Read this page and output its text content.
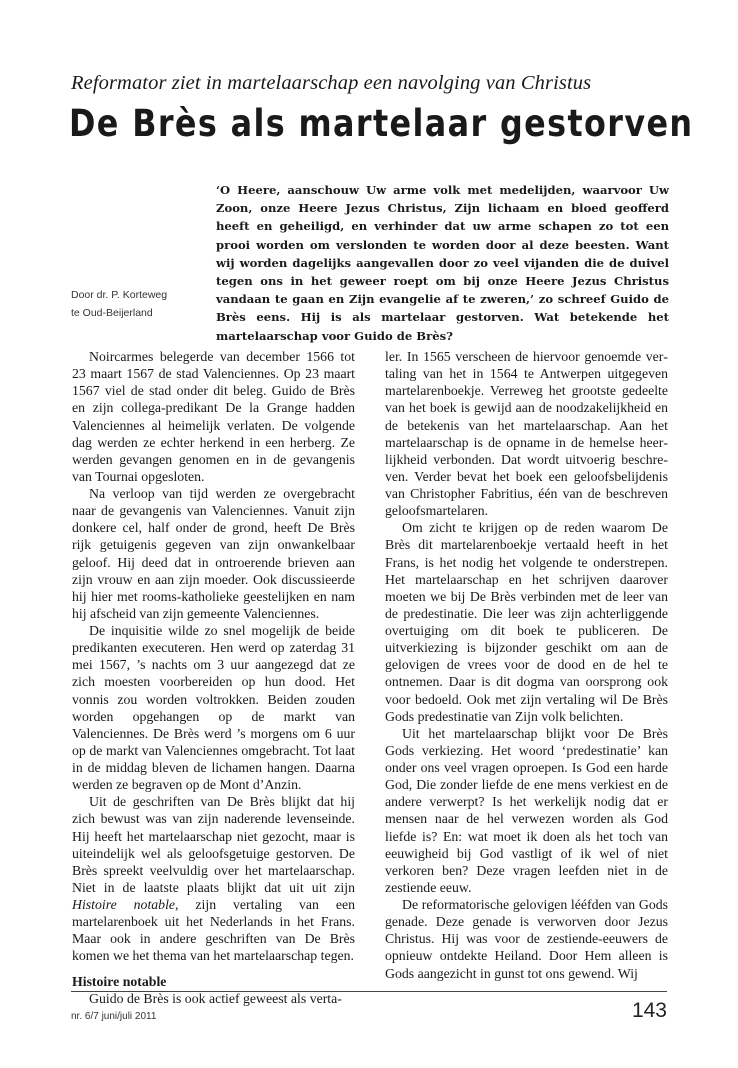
Reformator ziet in martelaarschap een navolging van Christus
De Brès als martelaar gestorven
‘O Heere, aanschouw Uw arme volk met medelijden, waarvoor Uw Zoon, onze Heere Jezus Christus, Zijn lichaam en bloed geofferd heeft en geheiligd, en verhinder dat uw arme schapen zo tot een prooi worden om verslonden te worden door al deze beesten. Want wij worden dagelijks aangevallen door zo veel vijanden die de duivel tegen ons in het geweer roept om bij onze Heere Jezus Christus vandaan te gaan en Zijn evangelie af te zweren,’ zo schreef Guido de Brès eens. Hij is als martelaar gestorven. Wat betekende het martelaarschap voor Guido de Brès?
Door dr. P. Korteweg
te Oud-Beijerland

Noircarmes belegerde van december 1566 tot 23 maart 1567 de stad Valenciennes. Op 23 maart 1567 viel de stad onder dit beleg. Guido de Brès en zijn collega-predikant De la Grange hadden Valenciennes al heimelijk verlaten. De volgende dag werden ze echter herkend in een herberg. Ze werden gevangen genomen en in de gevangenis van Tournai opgesloten.

Na verloop van tijd werden ze overgebracht naar de gevangenis van Valenciennes. Vanuit zijn donkere cel, half onder de grond, heeft De Brès rijk getuigenis gegeven van zijn onwankelbaar geloof. Hij deed dat in ontroerende brieven aan zijn vrouw en aan zijn moeder. Ook discussieerde hij hier met rooms-katholieke geestelijken en nam hij afscheid van zijn gemeente Valenciennes.

De inquisitie wilde zo snel mogelijk de beide predikanten executeren. Hen werd op zaterdag 31 mei 1567, ’s nachts om 3 uur aangezegd dat ze zich moesten voorbereiden op hun dood. Het vonnis zou worden voltrokken. Beiden zouden worden opgehangen op de markt van Valenciennes. De Brès werd ’s morgens om 6 uur op de markt van Valenciennes omgebracht. Tot laat in de middag bleven de lichamen hangen. Daarna werden ze begraven op de Mont d’Anzin.

Uit de geschriften van De Brès blijkt dat hij zich bewust was van zijn naderende levenseinde. Hij heeft het martelaarschap niet gezocht, maar is uiteindelijk wel als geloofsgetuige gestorven. De Brès spreekt veelvuldig over het martelaarschap. Niet in de laatste plaats blijkt dat uit uit zijn Histoire notable, zijn vertaling van een martelarenboek uit het Nederlands in het Frans. Maar ook in andere geschriften van De Brès komen we het thema van het martelaarschap tegen.

Histoire notable

Guido de Brès is ook actief geweest als verta-

ler. In 1565 verscheen de hiervoor genoemde vertaling van het in 1564 te Antwerpen uitgegeven martelarenboekje. Verreweg het grootste gedeelte van het boek is gewijd aan de noodzakelijkheid en de betekenis van het martelaarschap. Aan het martelaarschap is de opname in de hemelse heerlijkheid verbonden. Dat wordt uitvoerig beschreven. Verder bevat het boek een geloofsbelijdenis van Christopher Fabritius, één van de beschreven geloofsmartelaren.

Om zicht te krijgen op de reden waarom De Brès dit martelarenboekje vertaald heeft in het Frans, is het nodig het volgende te onderstrepen. Het martelaarschap en het schrijven daarover moeten we bij De Brès verbinden met de leer van de predestinatie. Die leer was zijn achterliggende overtuiging om dit boek te publiceren. De uitverkiezing is bijzonder geschikt om aan de gelovigen de vrees voor de dood en de hel te ontnemen. Daar is dit dogma van oorsprong ook voor bedoeld. Ook met zijn vertaling wil De Brès Gods predestinatie van Zijn volk belichten.

Uit het martelaarschap blijkt voor De Brès Gods verkiezing. Het woord ‘predestinatie’ kan onder ons veel vragen oproepen. Is God een harde God, Die zonder liefde de ene mens verkiest en de andere verwerpt? Is het werkelijk nodig dat er mensen naar de hel verwezen worden als God liefde is? En: wat moet ik doen als het toch van eeuwigheid bij God vastligt of ik wel of niet verkoren ben? Deze vragen leefden niet in de zestiende eeuw.

De reformatorische gelovigen lééfden van Gods genade. Deze genade is verworven door Jezus Christus. Hij was voor de zestiende-eeuwers de opnieuw ontdekte Heiland. Door Hem alleen is Gods aangezicht in gunst tot ons gewend. Wij

nr. 6/7 juni/juli 2011	143
